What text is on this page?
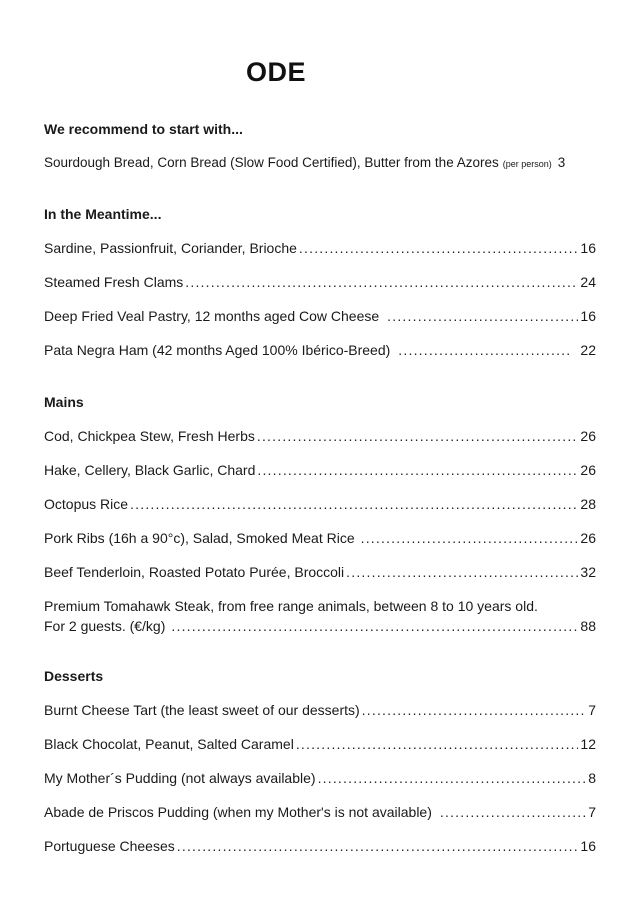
ODE
We recommend to start with...
Sourdough Bread, Corn Bread (Slow Food Certified), Butter from the Azores (per person) 3
In the Meantime...
Sardine, Passionfruit, Coriander, Brioche .....	16
Steamed Fresh Clams .....	24
Deep Fried Veal Pastry, 12 months aged Cow Cheese .....	16
Pata Negra Ham (42 months Aged 100% Ibérico-Breed) .....	22
Mains
Cod, Chickpea Stew, Fresh Herbs .....	26
Hake, Cellery, Black Garlic, Chard .....	26
Octopus Rice .....	28
Pork Ribs (16h a 90°c), Salad, Smoked Meat Rice .....	26
Beef Tenderloin, Roasted Potato Purée, Broccoli .....	32
Premium Tomahawk Steak, from free range animals, between 8 to 10 years old.
For 2 guests. (€/kg) .....	88
Desserts
Burnt Cheese Tart (the least sweet of our desserts) .....	7
Black Chocolat, Peanut, Salted Caramel .....	12
My Mother´s Pudding (not always available) .....	8
Abade de Priscos Pudding (when my Mother's is not available) .....	7
Portuguese Cheeses .....	16
